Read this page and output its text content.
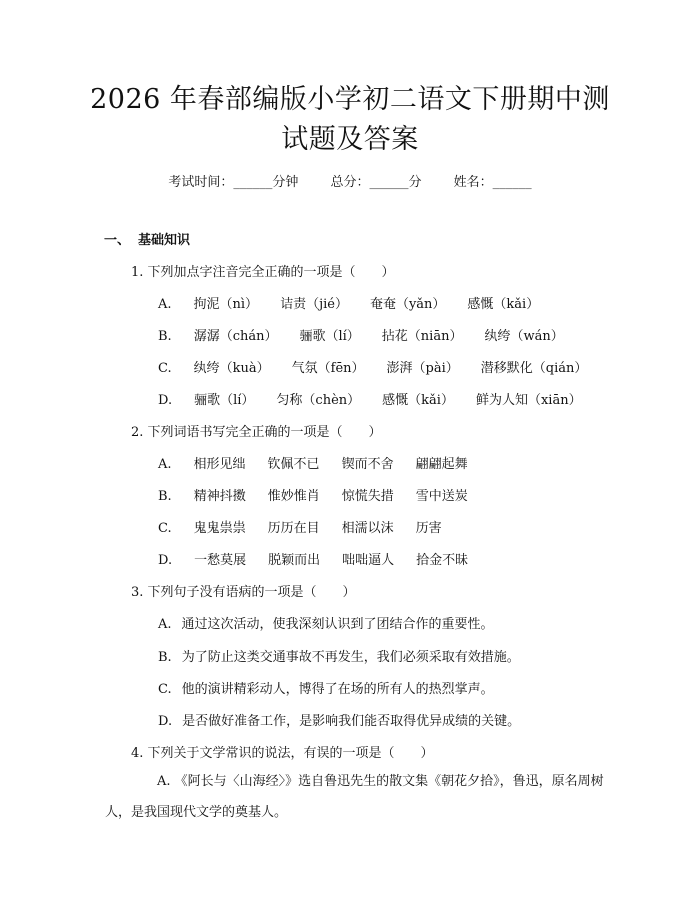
2026 年春部编版小学初二语文下册期中测试题及答案
考试时间：______分钟 总分：______分 姓名：______
一、 基础知识
1. 下列加点字注音完全正确的一项是（　　）
A. 拘泥（nì） 诘责（jié） 奄奄（yǎn） 感慨（kǎi）
B. 潺潺（chán） 骊歌（lí） 拈花（niān） 纨绔（wán）
C. 纨绔（kuà） 气氛（fēn） 澎湃（pài） 潜移默化（qián）
D. 骊歌（lí） 匀称（chèn） 感慨（kǎi） 鲜为人知（xiān）
2. 下列词语书写完全正确的一项是（　　）
A. 相形见绌 钦佩不已 锲而不舍 翩翩起舞
B. 精神抖擞 惟妙惟肖 惊慌失措 雪中送炭
C. 鬼鬼祟祟 历历在目 相濡以沫 历害
D. 一愁莫展 脱颖而出 咄咄逼人 拾金不昧
3. 下列句子没有语病的一项是（　　）
A. 通过这次活动，使我深刻认识到了团结合作的重要性。
B. 为了防止这类交通事故不再发生，我们必须采取有效措施。
C. 他的演讲精彩动人，博得了在场的所有人的热烈掌声。
D. 是否做好准备工作，是影响我们能否取得优异成绩的关键。
4. 下列关于文学常识的说法，有误的一项是（　　）
A. 《阿长与〈山海经〉》选自鲁迅先生的散文集《朝花夕拾》，鲁迅，原名周树人，是我国现代文学的奠基人。
